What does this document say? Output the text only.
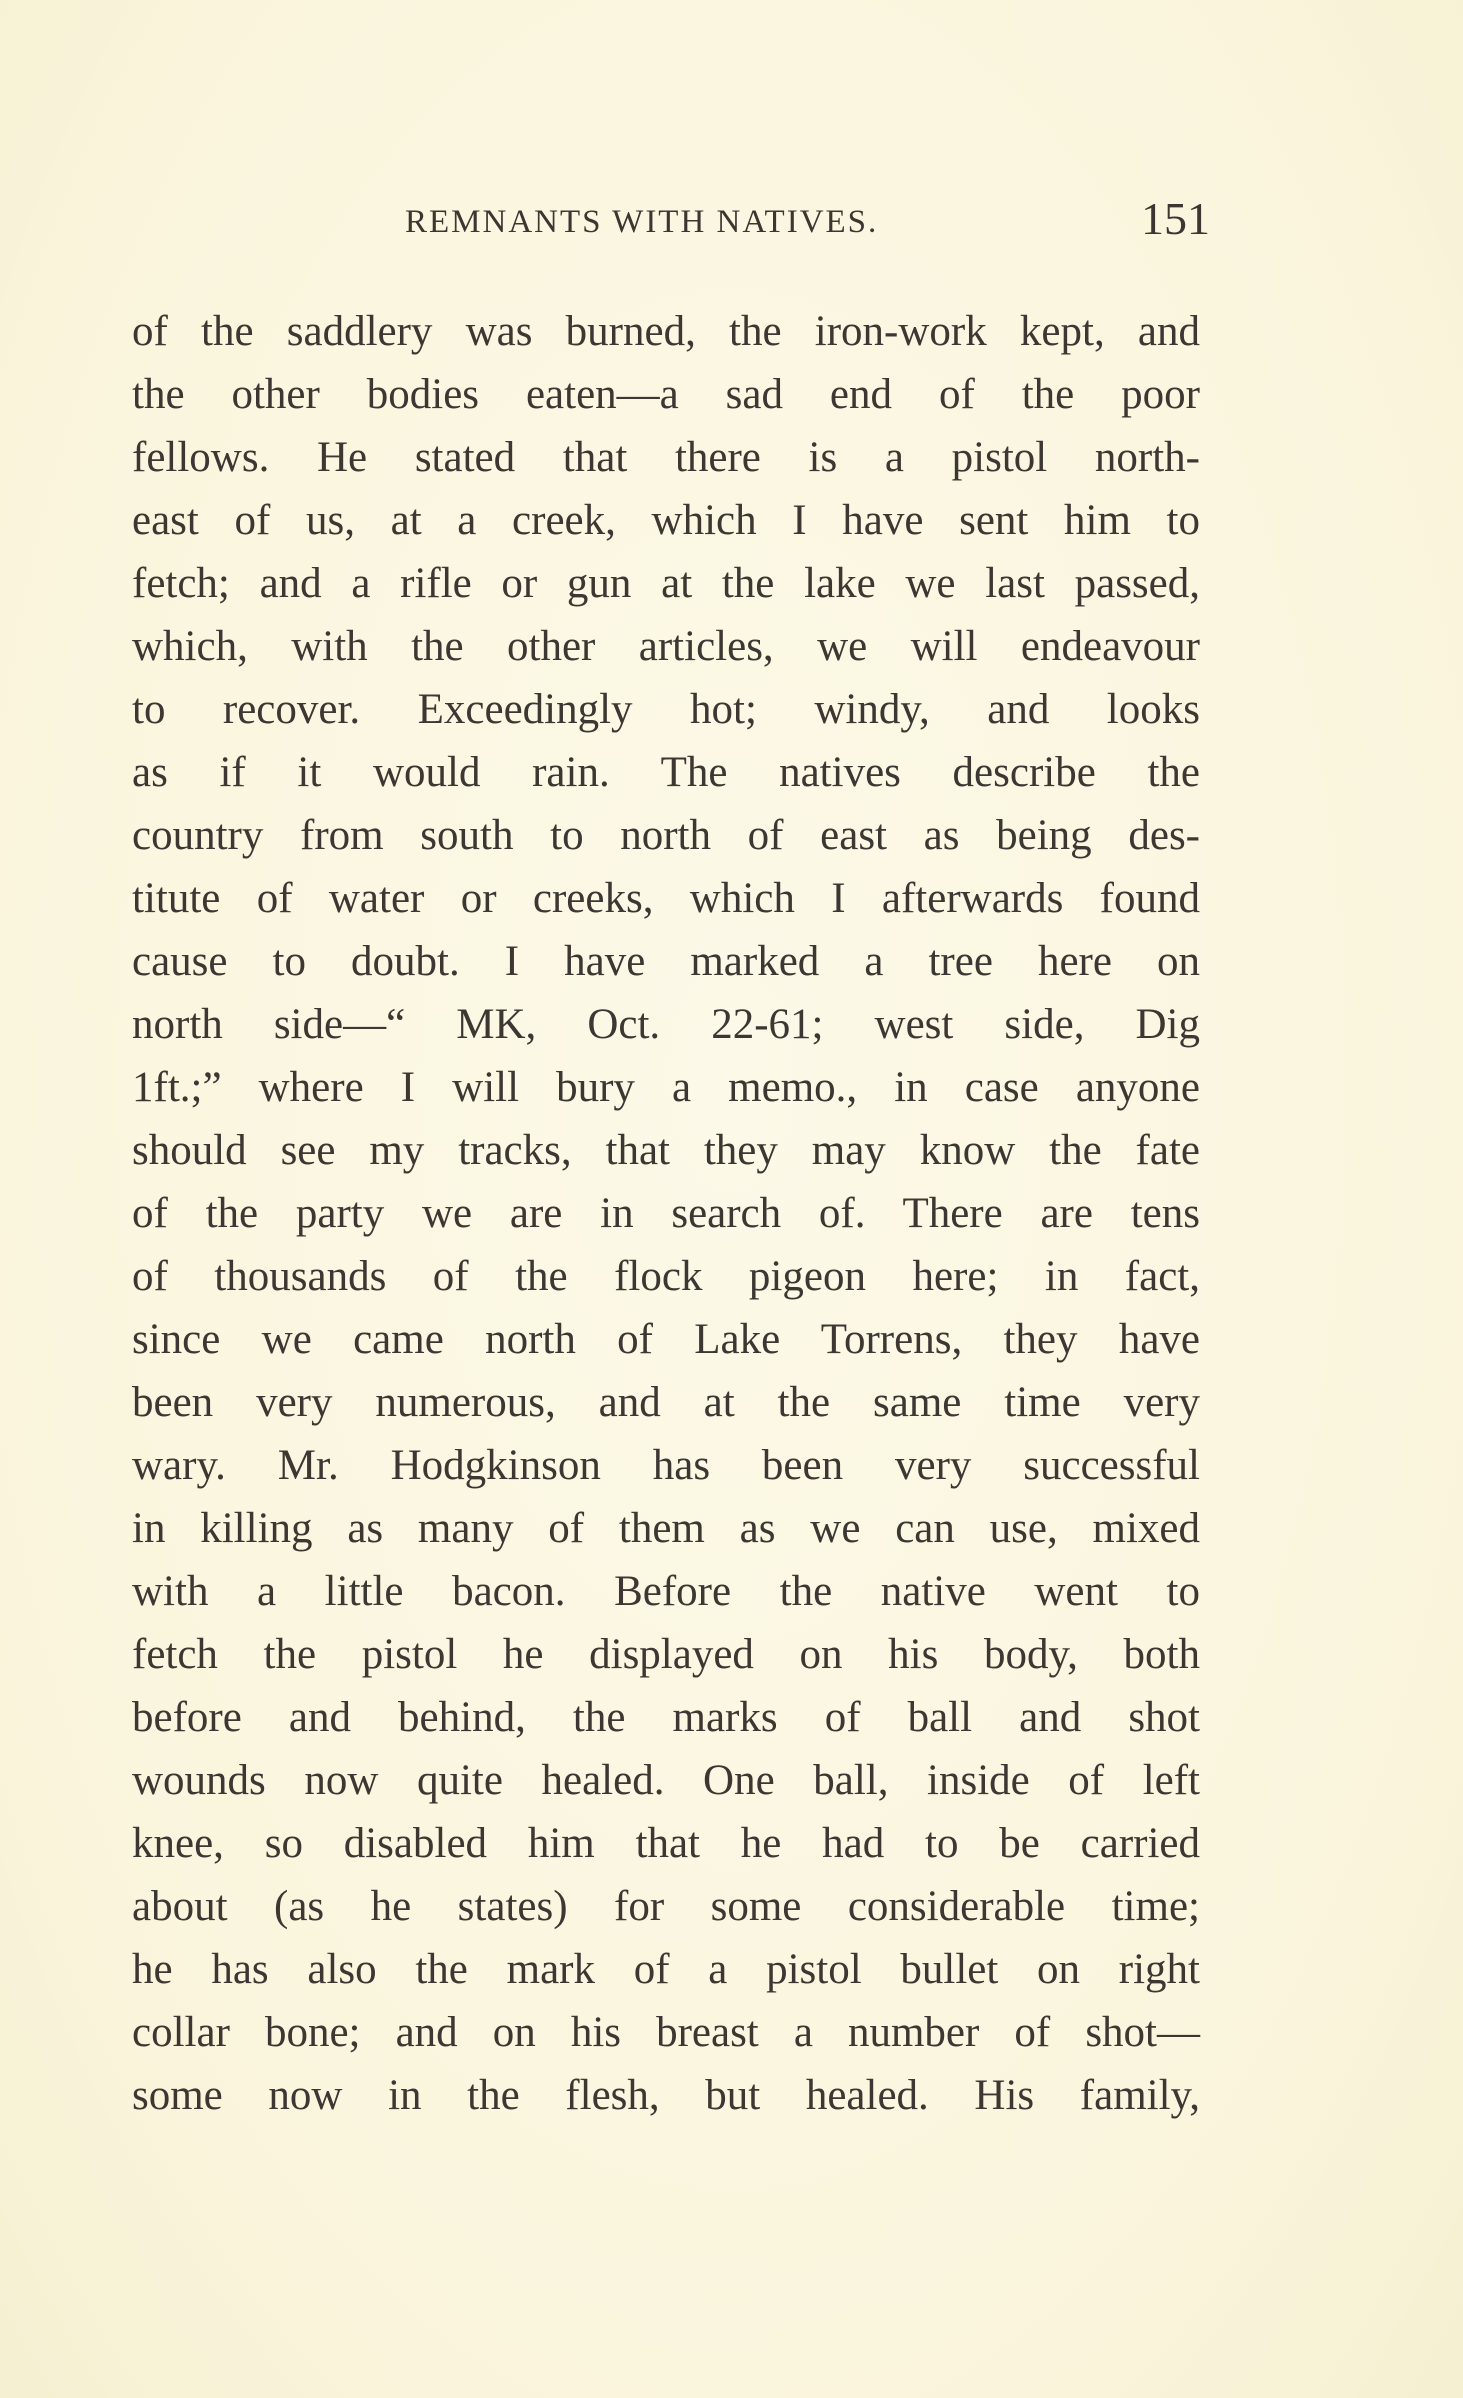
REMNANTS WITH NATIVES.	151
of the saddlery was burned, the iron-work kept, and
the other bodies eaten—a sad end of the poor
fellows. He stated that there is a pistol north-
east of us, at a creek, which I have sent him to
fetch; and a rifle or gun at the lake we last passed,
which, with the other articles, we will endeavour
to recover. Exceedingly hot; windy, and looks
as if it would rain. The natives describe the
country from south to north of east as being des-
titute of water or creeks, which I afterwards found
cause to doubt. I have marked a tree here on
north side—“ MK, Oct. 22-61; west side, Dig
1ft.;” where I will bury a memo., in case anyone
should see my tracks, that they may know the fate
of the party we are in search of. There are tens
of thousands of the flock pigeon here; in fact,
since we came north of Lake Torrens, they have
been very numerous, and at the same time very
wary. Mr. Hodgkinson has been very successful
in killing as many of them as we can use, mixed
with a little bacon. Before the native went to
fetch the pistol he displayed on his body, both
before and behind, the marks of ball and shot
wounds now quite healed. One ball, inside of left
knee, so disabled him that he had to be carried
about (as he states) for some considerable time;
he has also the mark of a pistol bullet on right
collar bone; and on his breast a number of shot—
some now in the flesh, but healed. His family,
